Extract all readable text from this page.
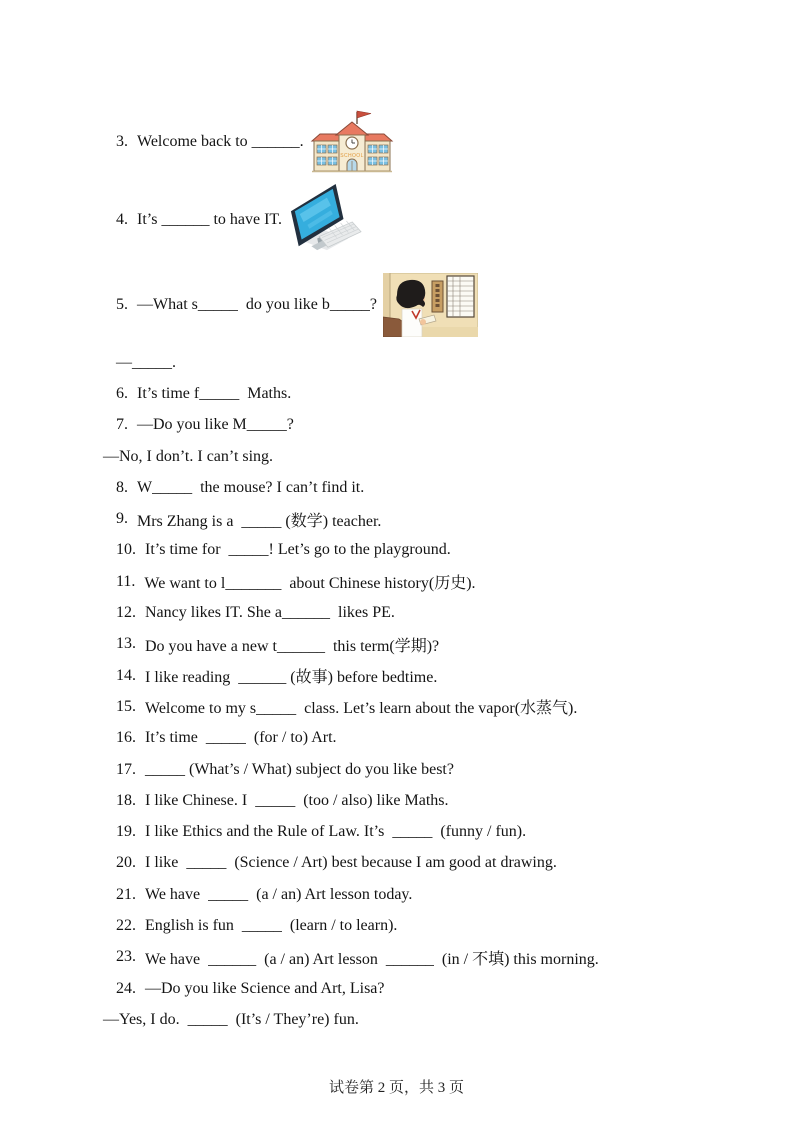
3. Welcome back to ______.
SCHOOL
4. It’s ______ to have IT.
5. —What s_____  do you like b_____?
—_____.
6. It’s time f_____  Maths.
7. —Do you like M_____?
—No, I don’t. I can’t sing.
8. W_____  the mouse? I can’t find it.
9. Mrs Zhang is a  _____ (数学) teacher.
10. It’s time for  _____! Let’s go to the playground.
11. We want to l_______  about Chinese history(历史).
12. Nancy likes IT. She a______  likes PE.
13. Do you have a new t______  this term(学期)?
14. I like reading  ______ (故事) before bedtime.
15. Welcome to my s_____  class. Let’s learn about the vapor(水蒸气).
16. It’s time  _____  (for / to) Art.
17. _____ (What’s / What) subject do you like best?
18. I like Chinese. I  _____  (too / also) like Maths.
19. I like Ethics and the Rule of Law. It’s  _____  (funny / fun).
20. I like  _____  (Science / Art) best because I am good at drawing.
21. We have  _____  (a / an) Art lesson today.
22. English is fun  _____  (learn / to learn).
23. We have  ______  (a / an) Art lesson  ______  (in / 不填) this morning.
24. —Do you like Science and Art, Lisa?
—Yes, I do.  _____  (It’s / They’re) fun.
试卷第 2 页，共 3 页
